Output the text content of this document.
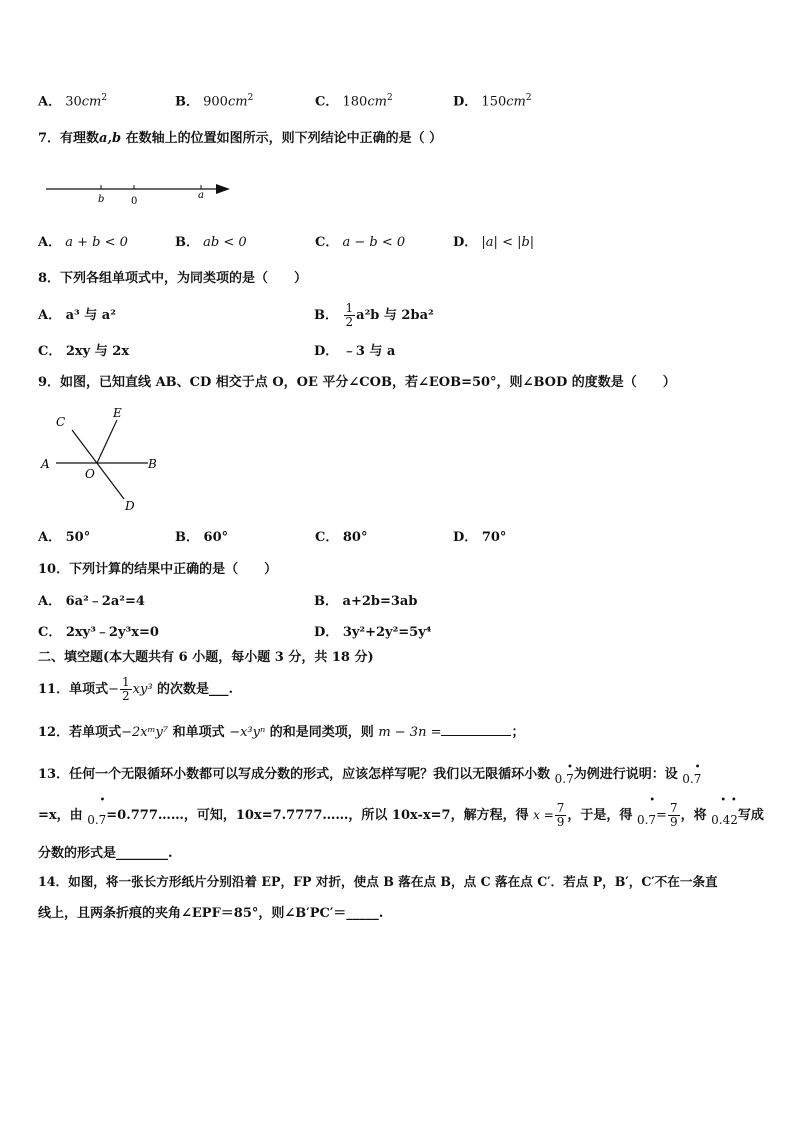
A． $30cm^2$	B． $900cm^2$	C． $180cm^2$	D． $150cm^2$
7．有理数a,b 在数轴上的位置如图所示，则下列结论中正确的是（ ）
b	0
a
A． a + b < 0	B． ab < 0	C． a − b < 0	D． |a| < |b|
8．下列各组单项式中，为同类项的是（　　）
A． a³ 与 a²	B． $\frac{1}{2} a^2b$ 与 2ba²
C． 2xy 与 2x	D． ﹣3 与 a
9．如图，已知直线 AB、CD 相交于点 O，OE 平分∠COB，若∠EOB=50°，则∠BOD 的度数是（　　）
C
E
A
O
B
D
A． 50°	B． 60°	C． 80°	D． 70°
10．下列计算的结果中正确的是（　　）
A． 6a²﹣2a²=4	B． a+2b=3ab
C． 2xy³﹣2y³x=0	D． 3y²+2y²=5y⁴
二、填空题(本大题共有 6 小题，每小题 3 分，共 18 分)
11．单项式− $\frac{1}{2} xy^3$ 的次数是___.
12．若单项式−2xᵐy⁷ 和单项式 −x³yⁿ 的和是同类项，则 m − 3n =	；
13．任何一个无限循环小数都可以写成分数的形式，应该怎样写呢？我们以无限循环小数 0.7
• 为例进行说明：设 0.7
•
=x，由 0.7
•
=0.777……，可知，10x=7.7777……，所以 10x-x=7，解方程，得 $x = \frac{7}{9}$ ，于是，得 0.7
•
= $\frac{7}{9}$ ，将 0.42
• •
写成
分数的形式是________.
14．如图，将一张长方形纸片分别沿着 EP，FP 对折，使点 B 落在点 B，点 C 落在点 C′．若点 P，B′，C′不在一条直
线上，且两条折痕的夹角∠EPF＝85°，则∠B′PC′＝_____.
